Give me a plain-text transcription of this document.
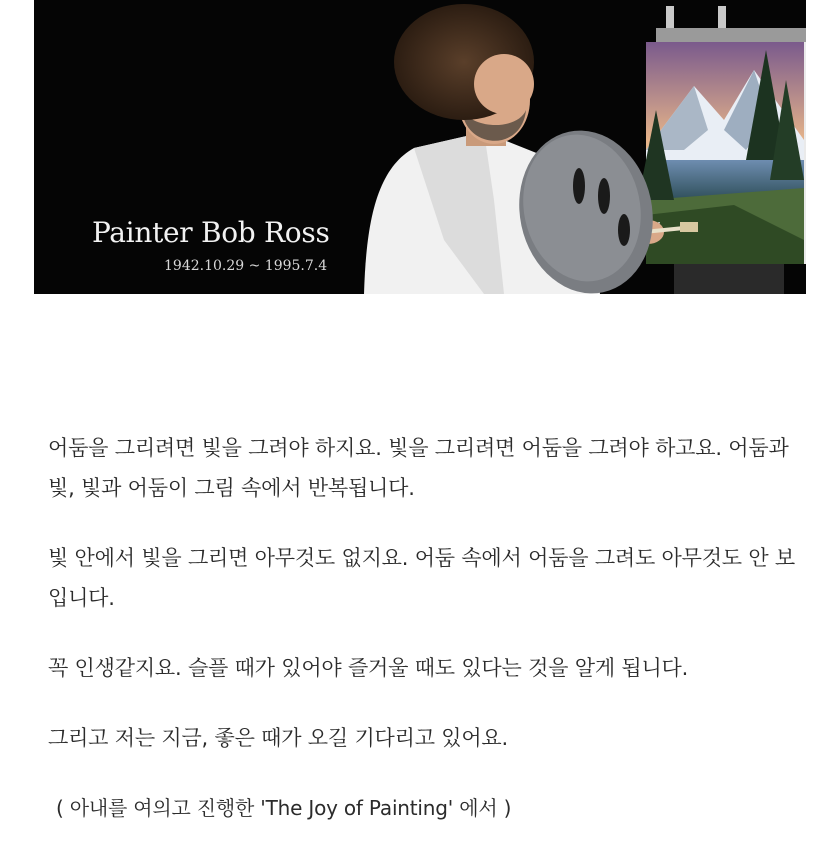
Painter Bob Ross
1942.10.29 ~ 1995.7.4

어둠을 그리려면 빛을 그려야 하지요. 빛을 그리려면 어둠을 그려야 하고요. 어둠과 빛, 빛과 어둠이 그림 속에서 반복됩니다.

빛 안에서 빛을 그리면 아무것도 없지요. 어둠 속에서 어둠을 그려도 아무것도 안 보입니다.

꼭 인생같지요. 슬플 때가 있어야 즐거울 때도 있다는 것을 알게 됩니다.

그리고 저는 지금, 좋은 때가 오길 기다리고 있어요.

( 아내를 여의고 진행한 'The Joy of Painting' 에서 )
